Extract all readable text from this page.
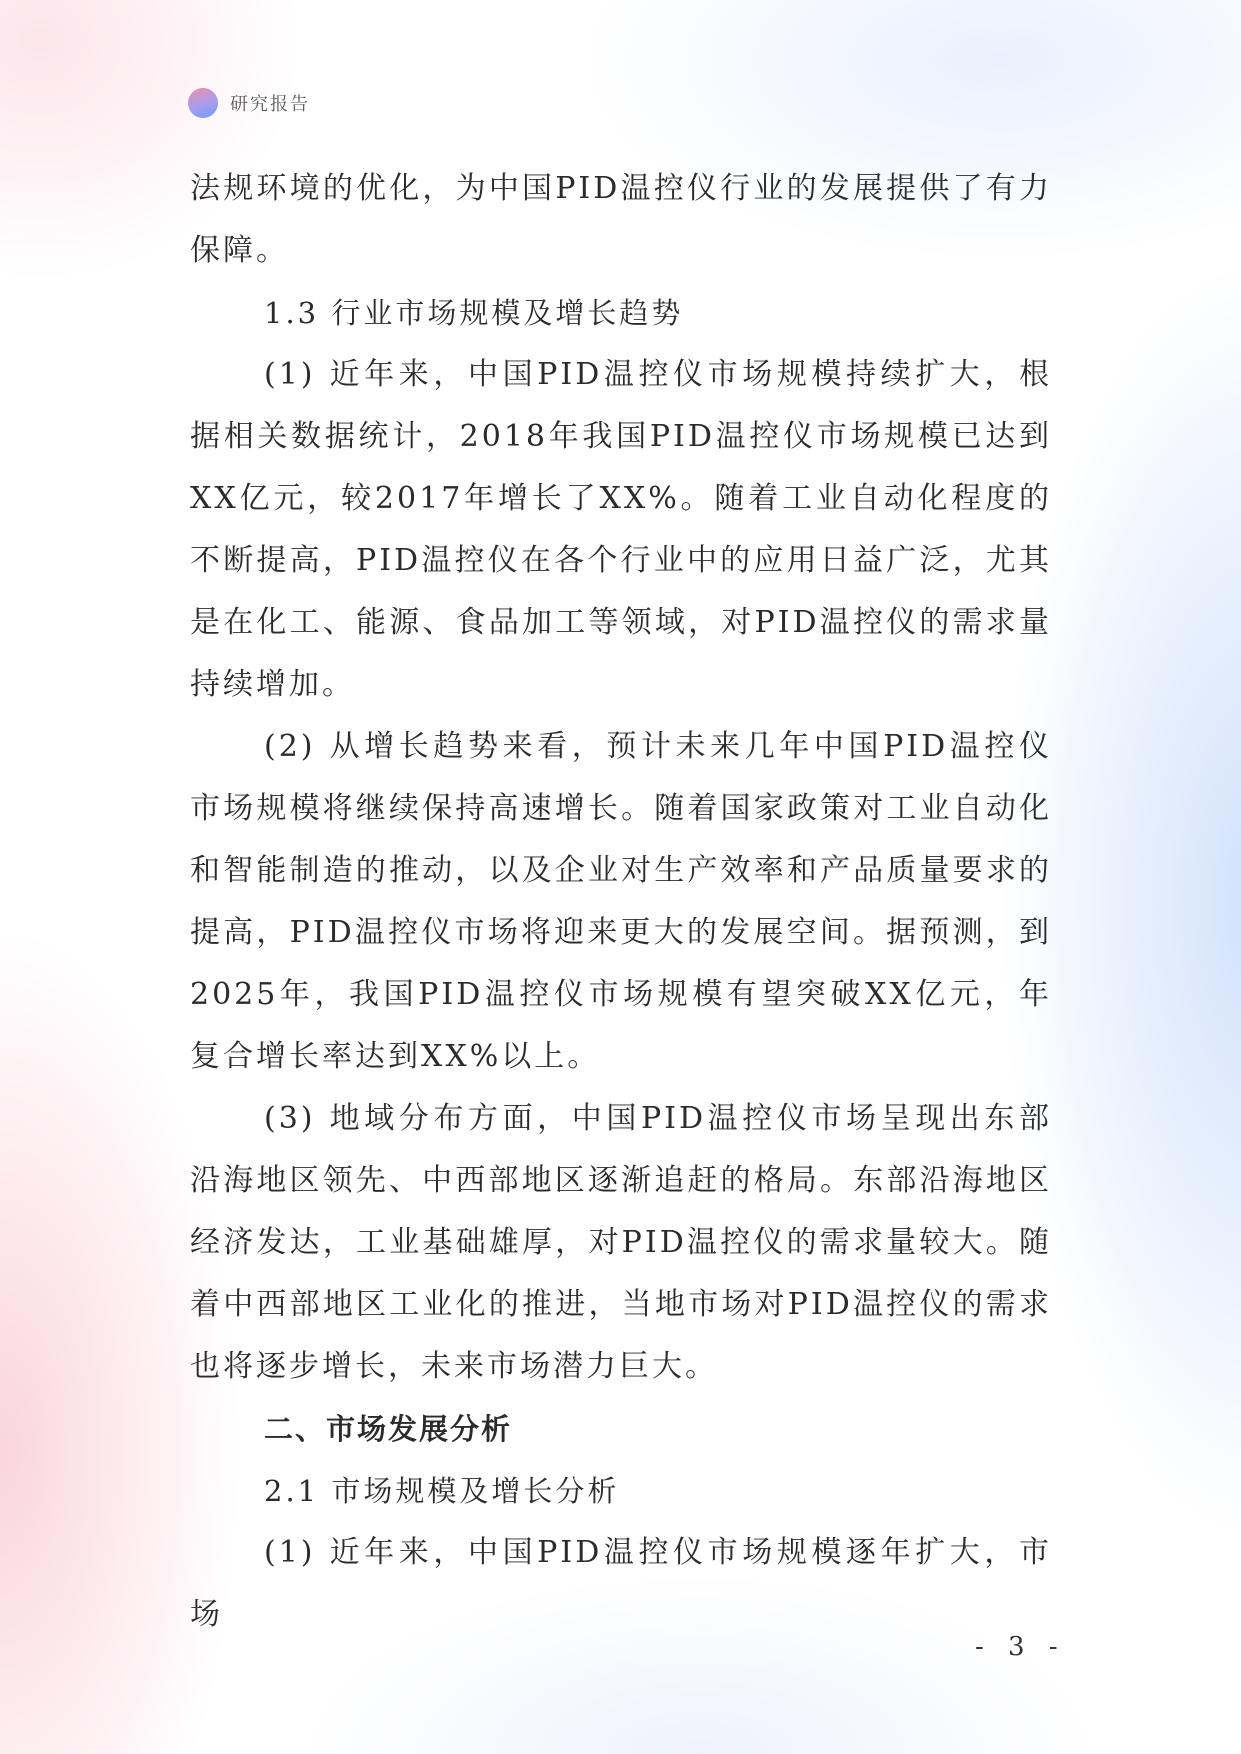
研究报告

法规环境的优化，为中国PID温控仪行业的发展提供了有力保障。

1.3 行业市场规模及增长趋势

(1) 近年来，中国PID温控仪市场规模持续扩大，根据相关数据统计，2018年我国PID温控仪市场规模已达到XX亿元，较2017年增长了XX%。随着工业自动化程度的不断提高，PID温控仪在各个行业中的应用日益广泛，尤其是在化工、能源、食品加工等领域，对PID温控仪的需求量持续增加。

(2) 从增长趋势来看，预计未来几年中国PID温控仪市场规模将继续保持高速增长。随着国家政策对工业自动化和智能制造的推动，以及企业对生产效率和产品质量要求的提高，PID温控仪市场将迎来更大的发展空间。据预测，到2025年，我国PID温控仪市场规模有望突破XX亿元，年复合增长率达到XX%以上。

(3) 地域分布方面，中国PID温控仪市场呈现出东部沿海地区领先、中西部地区逐渐追赶的格局。东部沿海地区经济发达，工业基础雄厚，对PID温控仪的需求量较大。随着中西部地区工业化的推进，当地市场对PID温控仪的需求也将逐步增长，未来市场潜力巨大。

二、市场发展分析
2.1 市场规模及增长分析

(1) 近年来，中国PID温控仪市场规模逐年扩大，市场

- 3 -
